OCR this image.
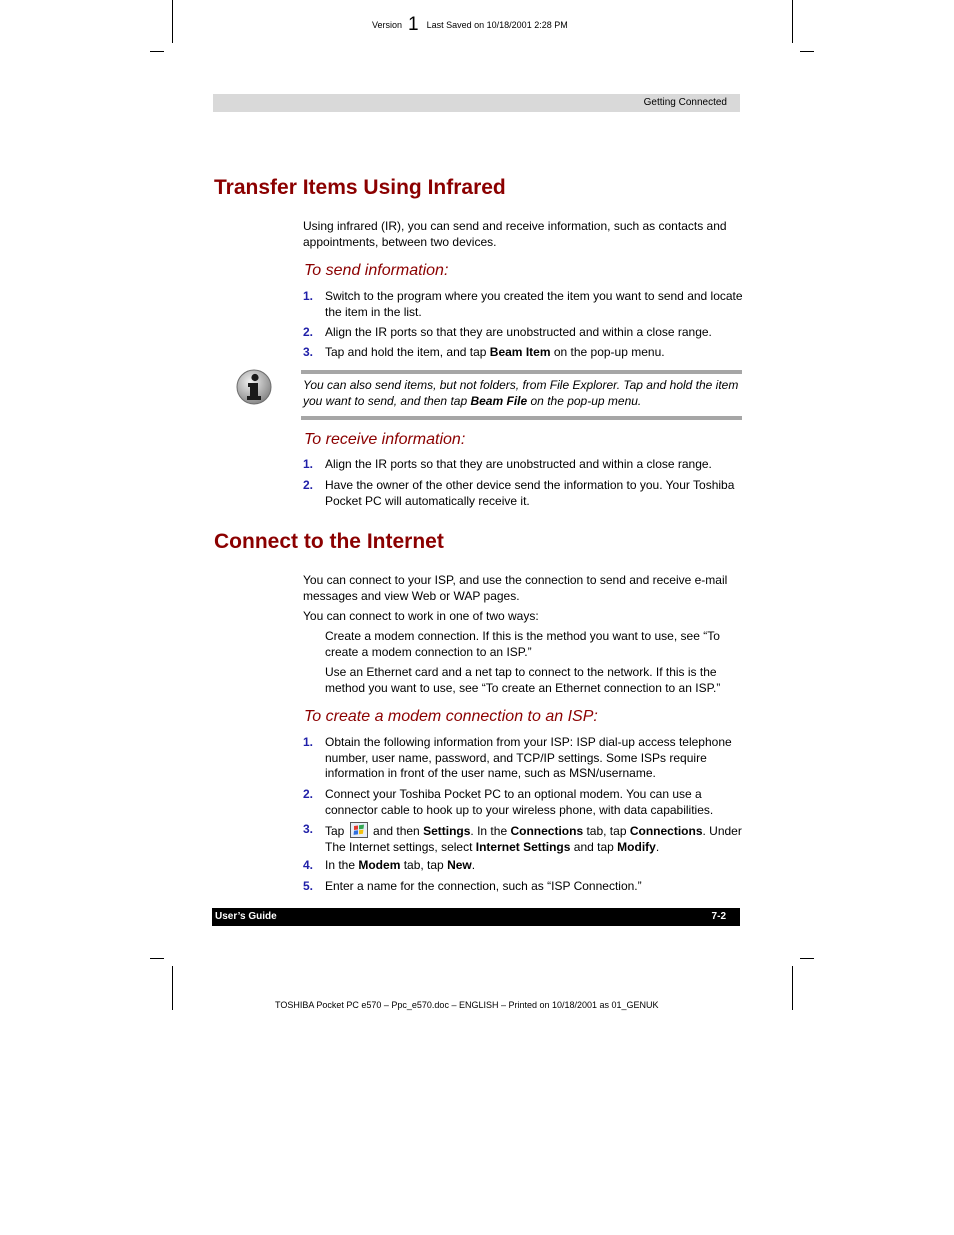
Version 1 Last Saved on 10/18/2001 2:28 PM
Getting Connected
Transfer Items Using Infrared
Using infrared (IR), you can send and receive information, such as contacts and appointments, between two devices.
To send information:
1. Switch to the program where you created the item you want to send and locate the item in the list.
2. Align the IR ports so that they are unobstructed and within a close range.
3. Tap and hold the item, and tap Beam Item on the pop-up menu.
You can also send items, but not folders, from File Explorer. Tap and hold the item you want to send, and then tap Beam File on the pop-up menu.
To receive information:
1. Align the IR ports so that they are unobstructed and within a close range.
2. Have the owner of the other device send the information to you. Your Toshiba Pocket PC will automatically receive it.
Connect to the Internet
You can connect to your ISP, and use the connection to send and receive e-mail messages and view Web or WAP pages.
You can connect to work in one of two ways:
Create a modem connection. If this is the method you want to use, see “To create a modem connection to an ISP.”
Use an Ethernet card and a net tap to connect to the network. If this is the method you want to use, see “To create an Ethernet connection to an ISP.”
To create a modem connection to an ISP:
1. Obtain the following information from your ISP: ISP dial-up access telephone number, user name, password, and TCP/IP settings. Some ISPs require information in front of the user name, such as MSN/username.
2. Connect your Toshiba Pocket PC to an optional modem. You can use a connector cable to hook up to your wireless phone, with data capabilities.
3. Tap  and then Settings. In the Connections tab, tap Connections. Under The Internet settings, select Internet Settings and tap Modify.
4. In the Modem tab, tap New.
5. Enter a name for the connection, such as “ISP Connection.”
User’s Guide	7-2
TOSHIBA Pocket PC e570 – Ppc_e570.doc – ENGLISH – Printed on 10/18/2001 as 01_GENUK
